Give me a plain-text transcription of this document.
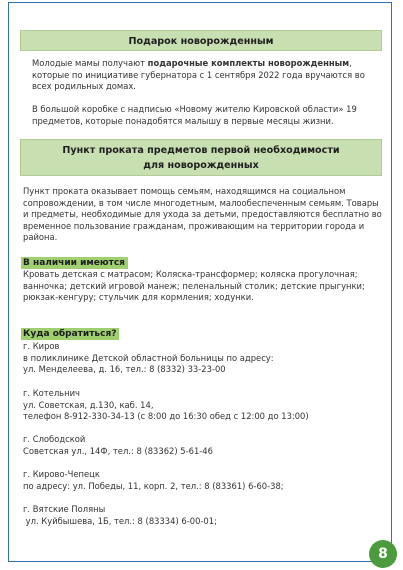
Подарок новорожденным

Молодые мамы получают подарочные комплекты новорожденным, которые по инициативе губернатора с 1 сентября 2022 года вручаются во всех родильных домах.

В большой коробке с надписью «Новому жителю Кировской области» 19 предметов, которые понадобятся малышу в первые месяцы жизни.

Пункт проката предметов первой необходимости
для новорожденных

Пункт проката оказывает помощь семьям, находящимся на социальном сопровождении, в том числе многодетным, малообеспеченным семьям. Товары и предметы, необходимые для ухода за детьми, предоставляются бесплатно во временное пользование гражданам, проживающим на территории города и района.

В наличии имеются

Кровать детская с матрасом; Коляска-трансформер; коляска прогулочная; ванночка; детский игровой манеж; пеленальный столик; детские прыгунки; рюкзак-кенгуру; стульчик для кормления; ходунки.

Куда обратиться?
г. Киров
в поликлинике Детской областной больницы по адресу:
ул. Менделеева, д. 16, тел.: 8 (8332) 33-23-00
г. Котельнич
ул. Советская, д.130, каб. 14,
телефон 8-912-330-34-13 (с 8:00 до 16:30 обед с 12:00 до 13:00)
г. Слободской
Советская ул., 14Ф, тел.: 8 (83362) 5-61-46
г. Кирово-Чепецк
по адресу: ул. Победы, 11, корп. 2, тел.: 8 (83361) 6-60-38;
г. Вятские Поляны
ул. Куйбышева, 1Б, тел.: 8 (83334) 6-00-01;
8
